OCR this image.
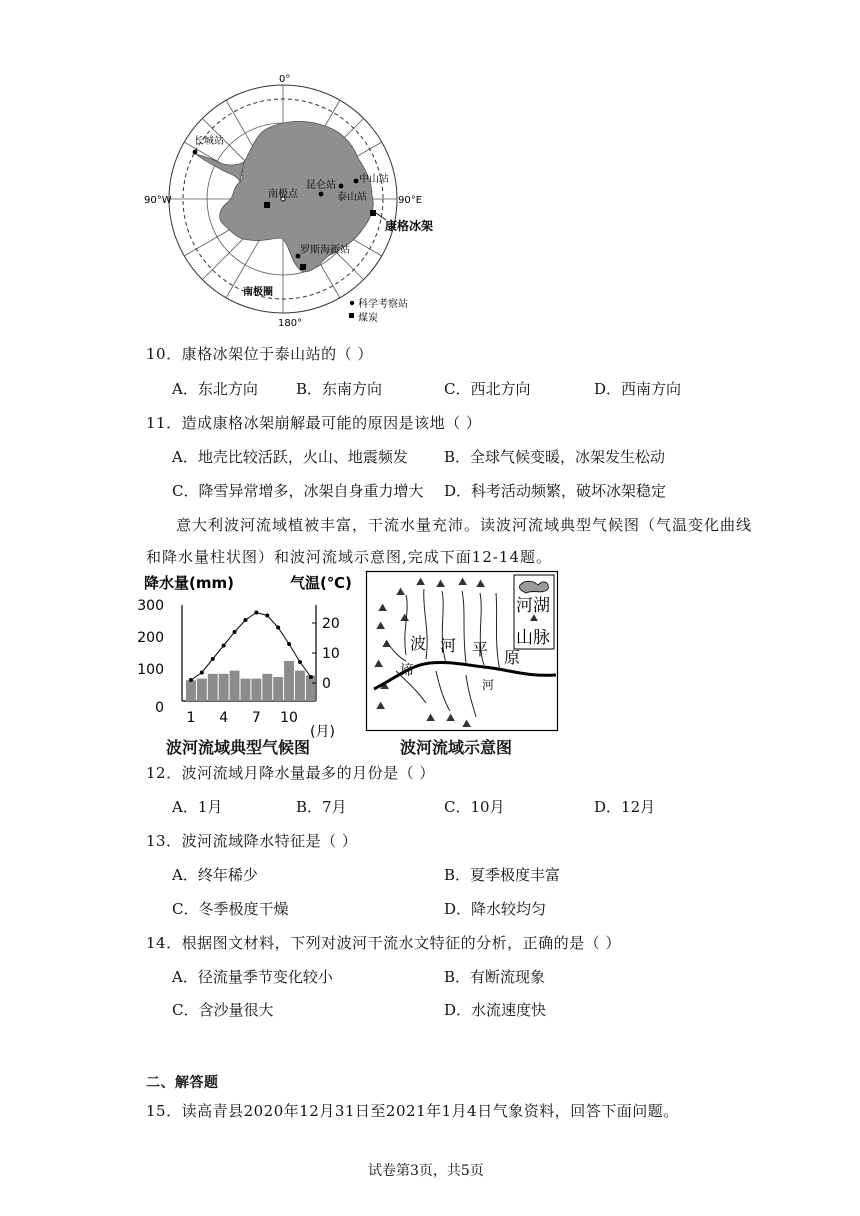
0°
90°W	90°E
180°
长城站
南极点
昆仑站
中山站
泰山站
康格冰架
罗斯海新站
南极圈
科学考察站
煤炭
10．康格冰架位于泰山站的（ ）
A．东北方向	B．东南方向	C．西北方向	D．西南方向
11．造成康格冰架崩解最可能的原因是该地（ ）
A．地壳比较活跃，火山、地震频发 B．全球气候变暖，冰架发生松动
C．降雪异常增多，冰架自身重力增大 D．科考活动频繁，破坏冰架稳定
意大利波河流域植被丰富，干流水量充沛。读波河流域典型气候图（气温变化曲线
和降水量柱状图）和波河流域示意图,完成下面12-14题。
降水量(mm)	气温(℃)
300
200
100
20
10
0
1 4 7 10
0
(月)
波河流域典型气候图
⛰
⛰
⛰
⛰
⛰
⛰
⛰
⛰ ⛰ ⛰ ⛰
⛰
⛰ ⛰
⛰
⛰
河湖
山脉
波 河 平 原
谛
河
波河流域示意图
12．波河流域月降水量最多的月份是（ ）
A．1月	B．7月	C．10月	D．12月
13．波河流域降水特征是（ ）
A．终年稀少	B．夏季极度丰富
C．冬季极度干燥	D．降水较均匀
14．根据图文材料，下列对波河干流水文特征的分析，正确的是（ ）
A．径流量季节变化较小	B．有断流现象
C．含沙量很大	D．水流速度快
二、解答题
15．读高青县2020年12月31日至2021年1月4日气象资料，回答下面问题。
试卷第3页，共5页
